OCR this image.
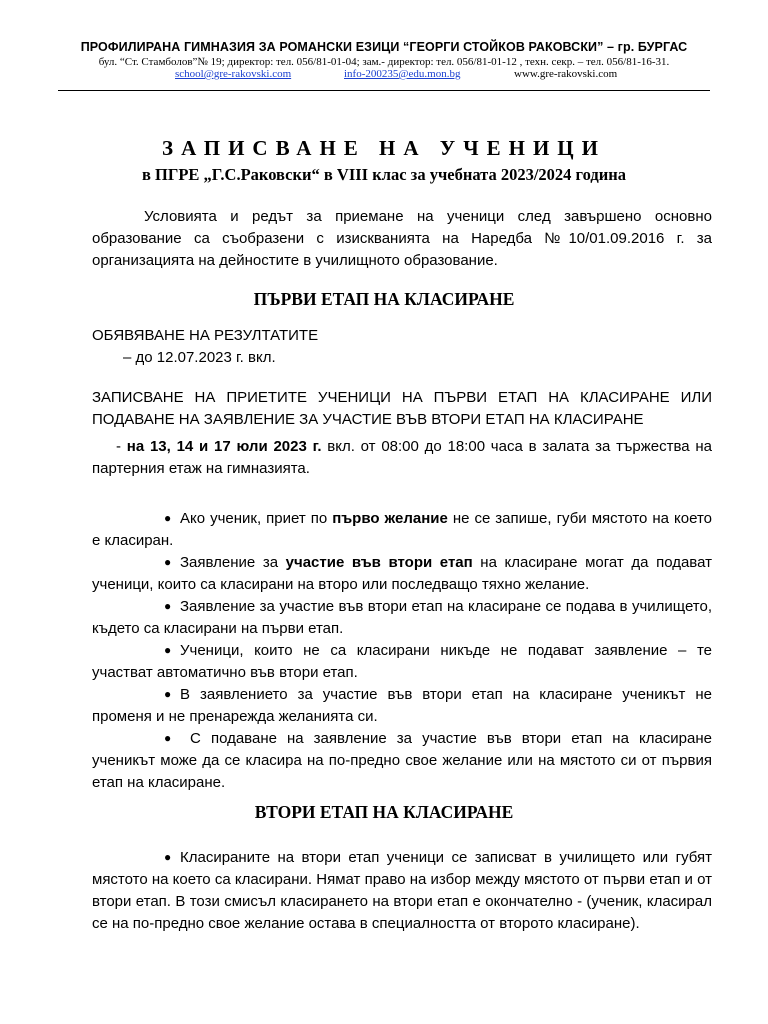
ПРОФИЛИРАНА ГИМНАЗИЯ ЗА РОМАНСКИ ЕЗИЦИ “ГЕОРГИ СТОЙКОВ РАКОВСКИ” – гр. БУРГАС
бул. “Ст. Стамболов”№ 19; директор: тел. 056/81-01-04; зам.- директор: тел. 056/81-01-12 , техн. секр. – тел. 056/81-16-31.
school@gre-rakovski.com	info-200235@edu.mon.bg	www.gre-rakovski.com
ЗАПИСВАНЕ НА УЧЕНИЦИ
в ПГРЕ „Г.С.Раковски“ в VIII клас за учебната 2023/2024 година
Условията и редът за приемане на ученици след завършено основно образование са съобразени с изискванията на Наредба №10/01.09.2016 г. за организацията на дейностите в училищното образование.
ПЪРВИ ЕТАП НА КЛАСИРАНЕ
ОБЯВЯВАНЕ НА РЕЗУЛТАТИТЕ
– до 12.07.2023 г. вкл.
ЗАПИСВАНЕ НА ПРИЕТИТЕ УЧЕНИЦИ НА ПЪРВИ ЕТАП НА КЛАСИРАНЕ ИЛИ ПОДАВАНЕ НА ЗАЯВЛЕНИЕ ЗА УЧАСТИЕ ВЪВ ВТОРИ ЕТАП НА КЛАСИРАНЕ
- на 13, 14 и 17 юли 2023 г. вкл. от 08:00 до 18:00 часа в залата за тържества на партерния етаж на гимназията.

● Ако ученик, приет по първо желание не се запише, губи мястото на което е класиран.

● Заявление за участие във втори етап на класиране могат да подават ученици, които са класирани на второ или последващо тяхно желание.

● Заявление за участие във втори етап на класиране се подава в училището, където са класирани на първи етап.

● Ученици, които не са класирани никъде не подават заявление – те участват автоматично във втори етап.

● В заявлението за участие във втори етап на класиране ученикът не променя и не пренарежда желанията си.

● С подаване на заявление за участие във втори етап на класиране ученикът може да се класира на по-предно свое желание или на мястото си от първия етап на класиране.

ВТОРИ ЕТАП НА КЛАСИРАНЕ

● Класираните на втори етап ученици се записват в училището или губят мястото на което са класирани. Нямат право на избор между мястото от първи етап и от втори етап. В този смисъл класирането на втори етап е окончателно - (ученик, класирал се на по-предно свое желание остава в специалността от второто класиране).
